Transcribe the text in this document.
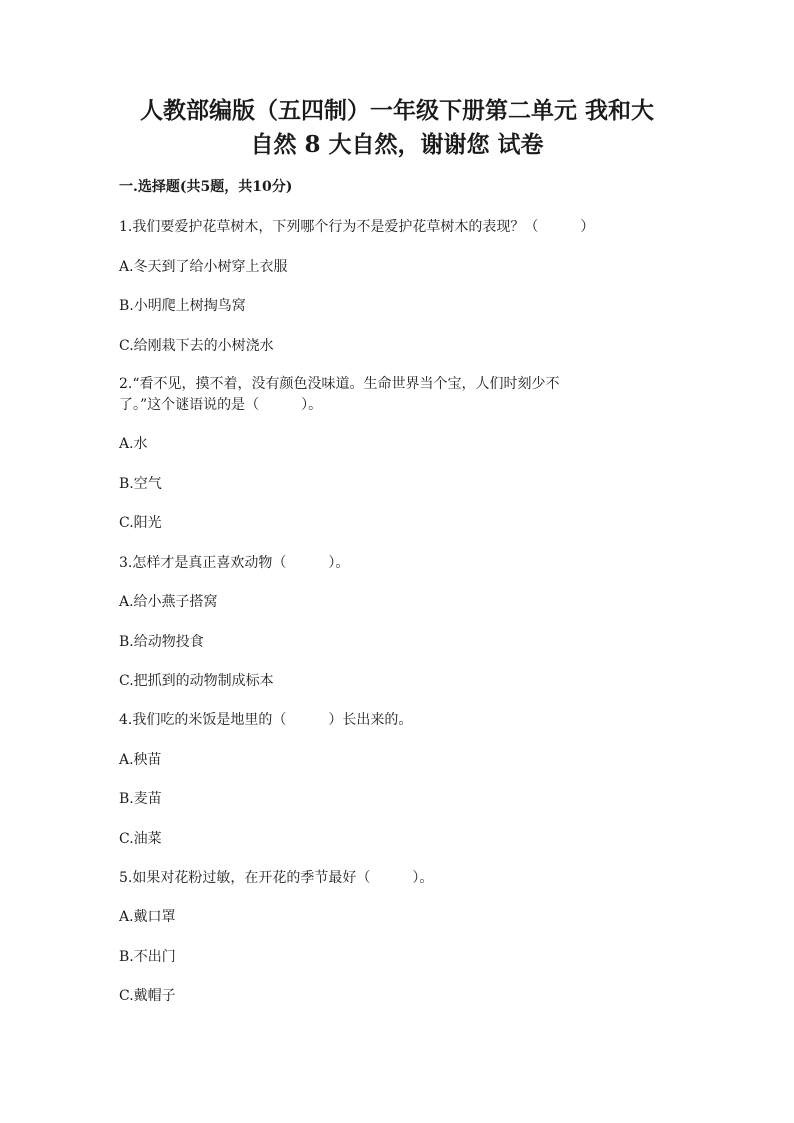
人教部编版（五四制）一年级下册第二单元 我和大
自然 8 大自然，谢谢您 试卷
一.选择题(共5题，共10分)

1.我们要爱护花草树木，下列哪个行为不是爱护花草树木的表现？（　　　）

A.冬天到了给小树穿上衣服

B.小明爬上树掏鸟窝

C.给刚栽下去的小树浇水

2.“看不见，摸不着，没有颜色没味道。生命世界当个宝，人们时刻少不

了。”这个谜语说的是（　　　）。

A.水

B.空气

C.阳光

3.怎样才是真正喜欢动物（　　　）。

A.给小燕子搭窝

B.给动物投食

C.把抓到的动物制成标本

4.我们吃的米饭是地里的（　　　）长出来的。

A.秧苗

B.麦苗

C.油菜

5.如果对花粉过敏，在开花的季节最好（　　　）。

A.戴口罩

B.不出门

C.戴帽子
